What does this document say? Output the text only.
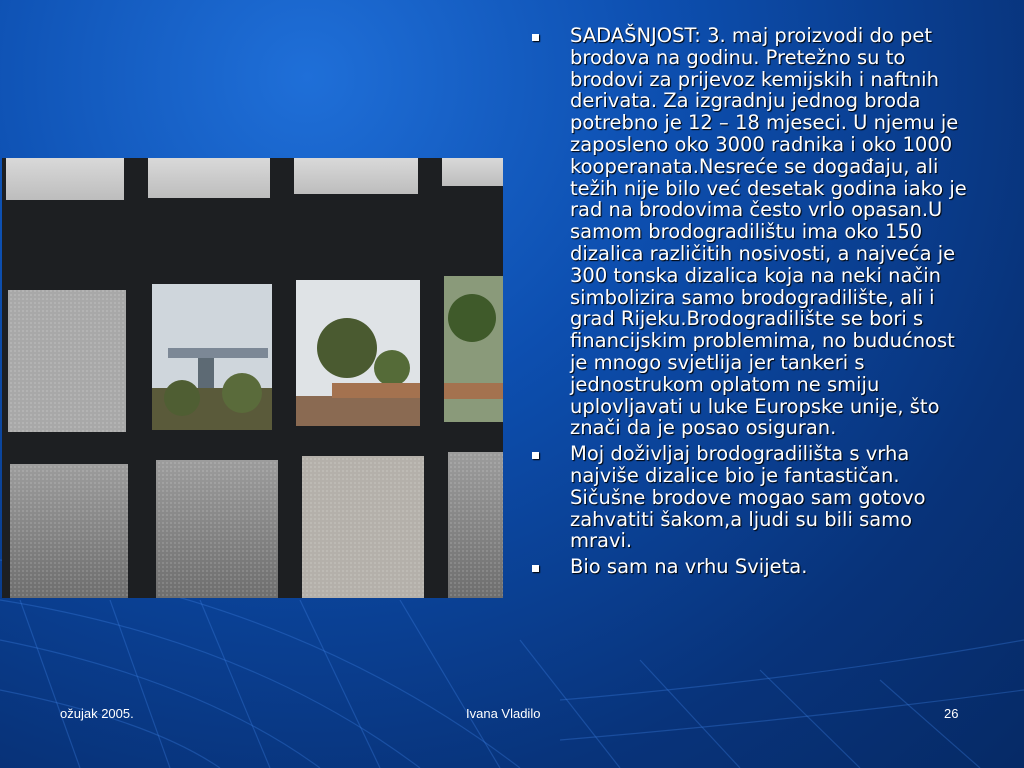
SADAŠNJOST: 3. maj proizvodi do pet brodova na godinu. Pretežno su to brodovi za prijevoz kemijskih i naftnih derivata. Za izgradnju jednog broda potrebno je 12 – 18 mjeseci. U njemu je zaposleno oko 3000 radnika i oko 1000 kooperanata.Nesreće se događaju, ali težih nije bilo već desetak godina iako je rad na brodovima često vrlo opasan.U samom brodogradilištu ima oko 150 dizalica različitih nosivosti, a najveća je 300 tonska dizalica koja na neki način simbolizira samo brodogradilište, ali i grad Rijeku.Brodogradilište se bori s financijskim problemima, no budućnost je mnogo svjetlija jer tankeri s jednostrukom oplatom ne smiju uplovljavati u luke Europske unije, što znači da je posao osiguran.
Moj doživljaj brodogradilišta s vrha najviše dizalice bio je fantastičan. Sičušne brodove mogao sam gotovo zahvatiti šakom,a ljudi su bili samo mravi.
Bio sam na vrhu Svijeta.
ožujak 2005.	Ivana Vladilo	26
